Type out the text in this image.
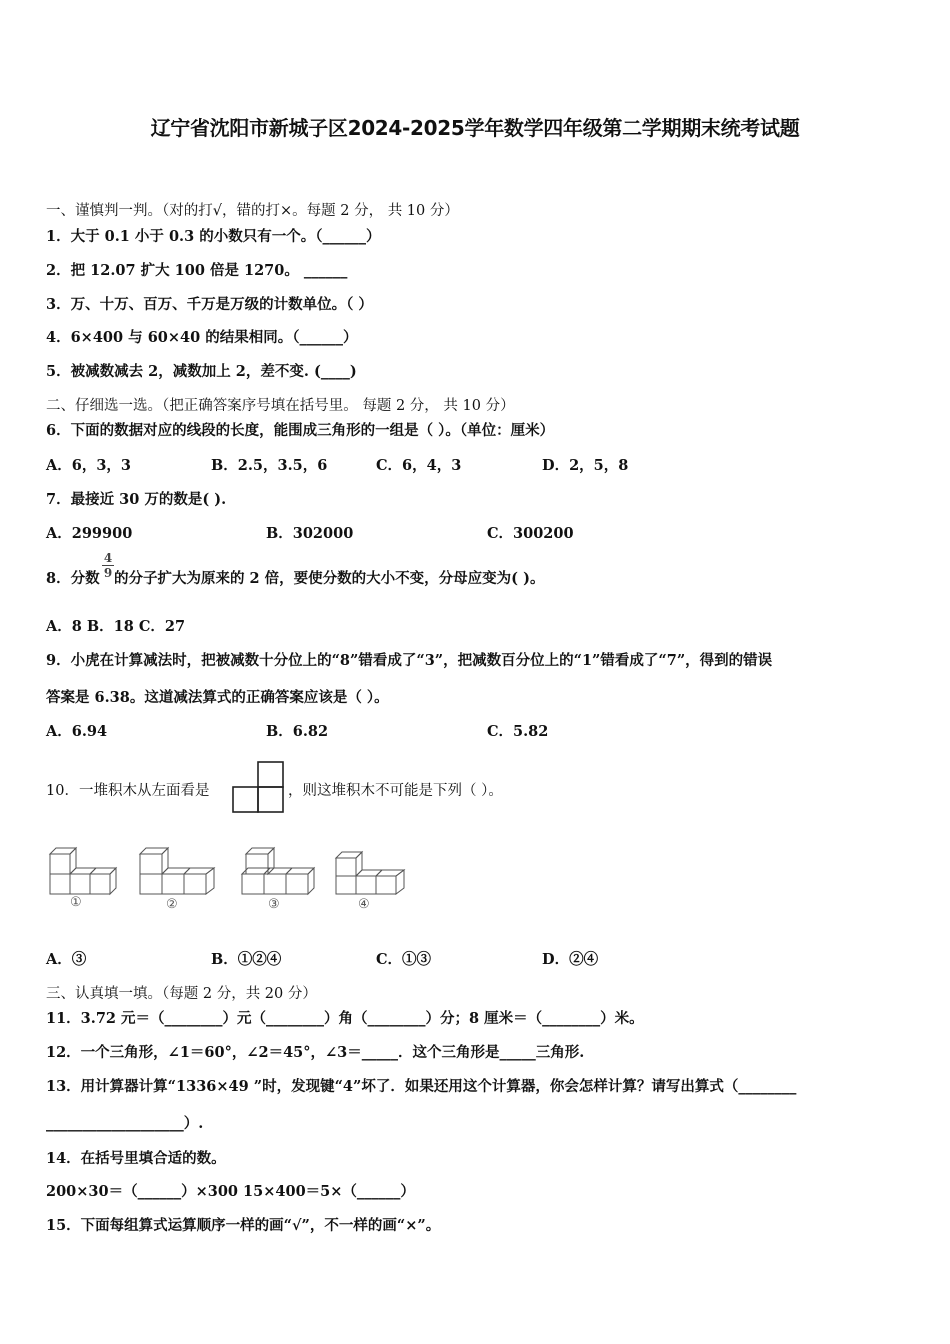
辽宁省沈阳市新城子区2024-2025学年数学四年级第二学期期末统考试题
一、谨慎判一判。（对的打√，错的打×。每题 2 分， 共 10 分）
1．大于 0.1 小于 0.3 的小数只有一个。（______）
2．把 12.07 扩大 100 倍是 1270。 ______
3．万、十万、百万、千万是万级的计数单位。（ ）
4．6×400 与 60×40 的结果相同。（______）
5．被减数减去 2，减数加上 2，差不变. (____)
二、仔细选一选。（把正确答案序号填在括号里。 每题 2 分， 共 10 分）
6．下面的数据对应的线段的长度，能围成三角形的一组是（ ）。（单位：厘米）
A．6，3，3	B．2.5，3.5，6	C．6，4，3	D．2，5，8
7．最接近 30 万的数是( ).
A．299900	B．302000	C．300200
8．分数
4
9 的分子扩大为原来的 2 倍，要使分数的大小不变，分母应变为( )。
A．8 B．18 C．27
9．小虎在计算减法时，把被减数十分位上的“8”错看成了“3”，把减数百分位上的“1”错看成了“7”，得到的错误
答案是 6.38。这道减法算式的正确答案应该是（ ）。
A．6.94	B．6.82	C．5.82
10．一堆积木从左面看是	，则这堆积木不可能是下列（ ）。
①	②	③	④
A．③	B．①②④	C．①③	D．②④
三、认真填一填。（每题 2 分，共 20 分）
11．3.72 元＝（________）元（________）角（________）分；8 厘米＝（________）米。
12．一个三角形，∠1＝60°，∠2＝45°，∠3＝_____．这个三角形是_____三角形.
13．用计算器计算“1336×49 ”时，发现键“4”坏了．如果还用这个计算器，你会怎样计算？请写出算式（________
___________________）.
14．在括号里填合适的数。
200×30＝（______）×300 15×400＝5×（______）
15．下面每组算式运算顺序一样的画“√”，不一样的画“×”。
